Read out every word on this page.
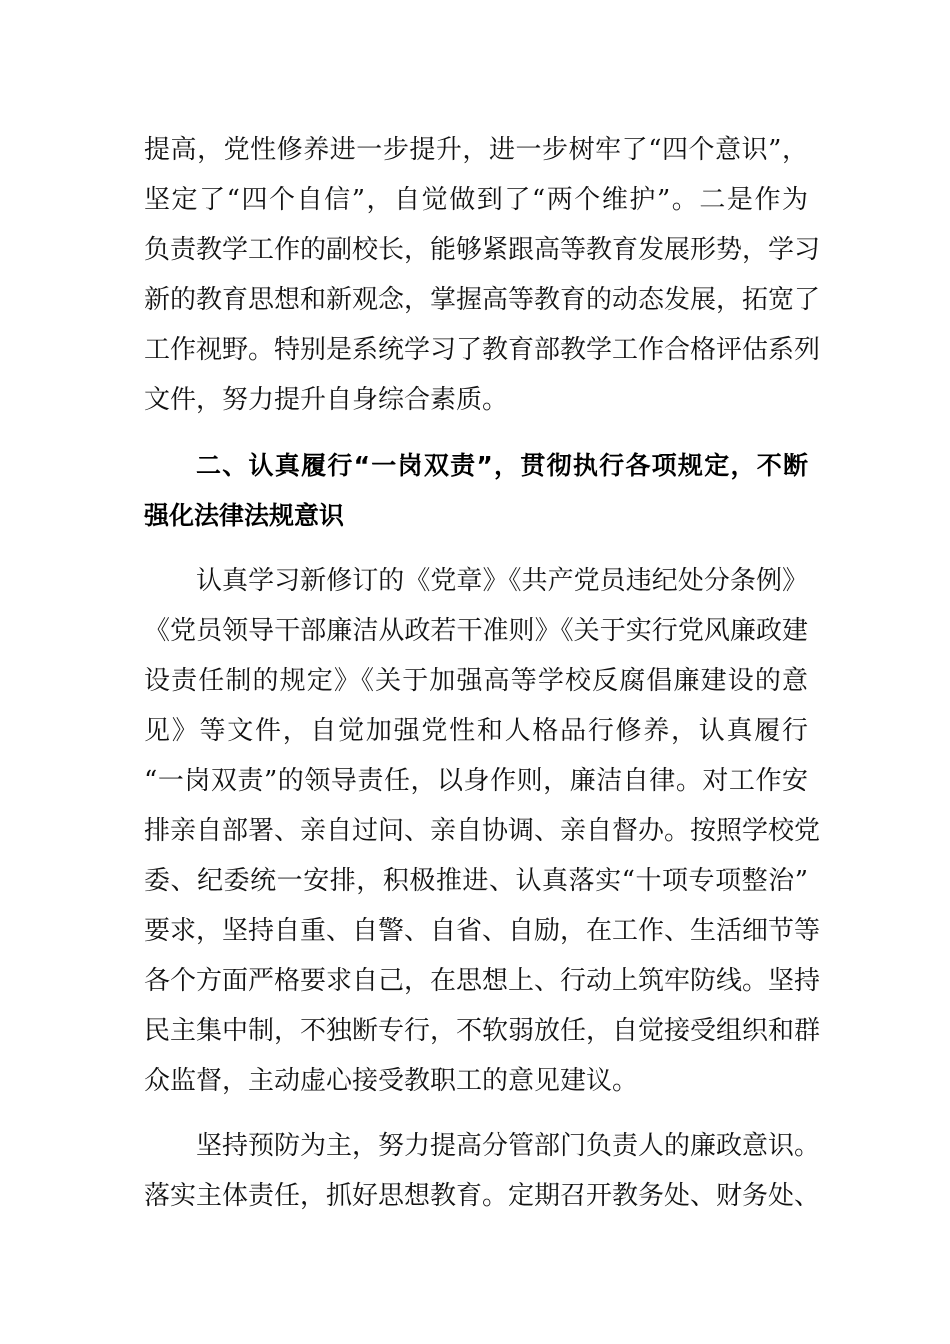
提高，党性修养进一步提升，进一步树牢了“四个意识”，
坚定了“四个自信”，自觉做到了“两个维护”。二是作为
负责教学工作的副校长，能够紧跟高等教育发展形势，学习
新的教育思想和新观念，掌握高等教育的动态发展，拓宽了
工作视野。特别是系统学习了教育部教学工作合格评估系列
文件，努力提升自身综合素质。
二、认真履行“一岗双责”，贯彻执行各项规定，不断
强化法律法规意识
认真学习新修订的《党章》《共产党员违纪处分条例》
《党员领导干部廉洁从政若干准则》《关于实行党风廉政建
设责任制的规定》《关于加强高等学校反腐倡廉建设的意
见》等文件，自觉加强党性和人格品行修养，认真履行
“一岗双责”的领导责任，以身作则，廉洁自律。对工作安
排亲自部署、亲自过问、亲自协调、亲自督办。按照学校党
委、纪委统一安排，积极推进、认真落实“十项专项整治”
要求，坚持自重、自警、自省、自励，在工作、生活细节等
各个方面严格要求自己，在思想上、行动上筑牢防线。坚持
民主集中制，不独断专行，不软弱放任，自觉接受组织和群
众监督，主动虚心接受教职工的意见建议。
坚持预防为主，努力提高分管部门负责人的廉政意识。
落实主体责任，抓好思想教育。定期召开教务处、财务处、
